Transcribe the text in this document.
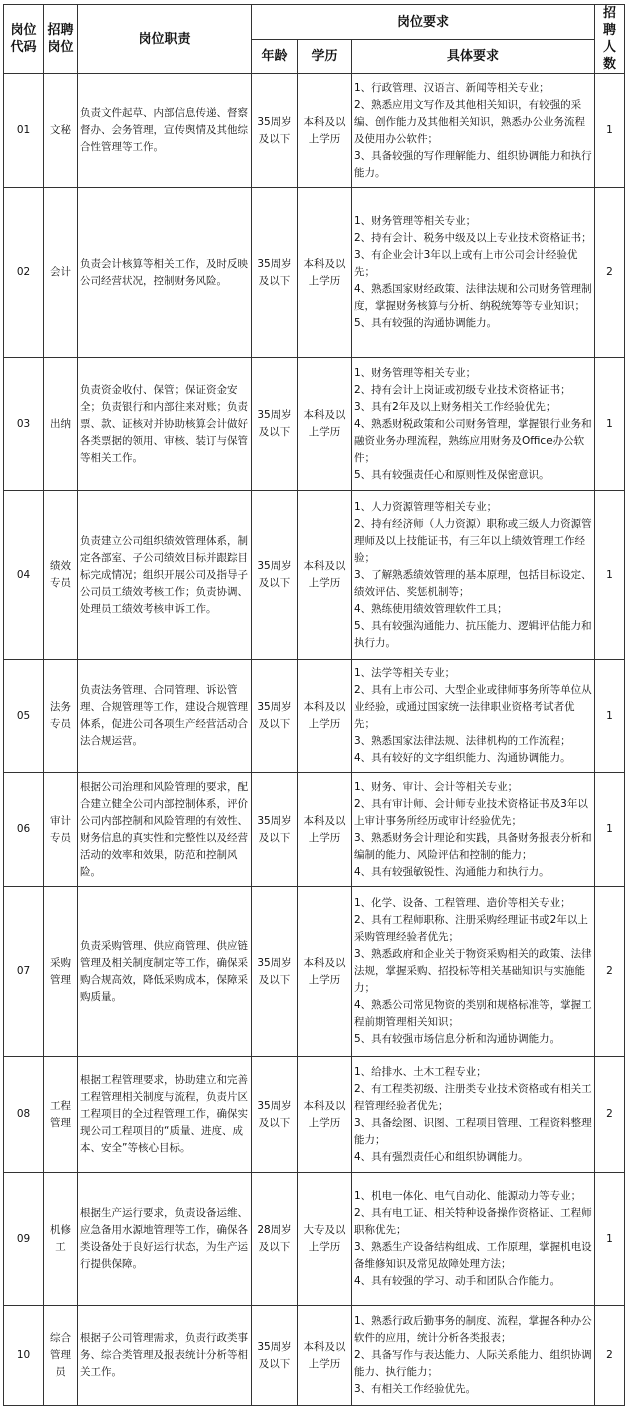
岗位代码	招聘岗位	岗位职责	岗位要求			招聘人数
			年龄	学历	具体要求	
01	文秘	负责文件起草、内部信息传递、督察督办、会务管理，宣传舆情及其他综合性管理等工作。	35周岁及以下	本科及以上学历	1、行政管理、汉语言、新闻等相关专业；
2、熟悉应用文写作及其他相关知识，有较强的采编、创作能力及其他相关知识，熟悉办公业务流程及使用办公软件；
3、具备较强的写作理解能力、组织协调能力和执行能力。	1
02	会计	负责会计核算等相关工作，及时反映公司经营状况，控制财务风险。	35周岁及以下	本科及以上学历	1、财务管理等相关专业；
2、持有会计、税务中级及以上专业技术资格证书；
3、有企业会计3年以上或有上市公司会计经验优先；
4、熟悉国家财经政策、法律法规和公司财务管理制度，掌握财务核算与分析、纳税统筹等专业知识；
5、具有较强的沟通协调能力。	2
03	出纳	负责资金收付、保管；保证资金安全；负责银行和内部往来对账；负责票、款、证核对并协助核算会计做好各类票据的领用、审核、装订与保管等相关工作。	35周岁及以下	本科及以上学历	1、财务管理等相关专业；
2、持有会计上岗证或初级专业技术资格证书；
3、具有2年及以上财务相关工作经验优先；
4、熟悉财税政策和公司财务管理，掌握银行业务和融资业务办理流程，熟练应用财务及Office办公软件；
5、具有较强责任心和原则性及保密意识。	1
04	绩效专员	负责建立公司组织绩效管理体系，制定各部室、子公司绩效目标并跟踪目标完成情况；组织开展公司及指导子公司员工绩效考核工作；负责协调、处理员工绩效考核申诉工作。	35周岁及以下	本科及以上学历	1、人力资源管理等相关专业；
2、持有经济师（人力资源）职称或三级人力资源管理师及以上技能证书，有三年以上绩效管理工作经验；
3、了解熟悉绩效管理的基本原理，包括目标设定、绩效评估、奖惩机制等；
4、熟练使用绩效管理软件工具；
5、具有较强沟通能力、抗压能力、逻辑评估能力和执行力。	1
05	法务专员	负责法务管理、合同管理、诉讼管理、合规管理等工作，建设合规管理体系，促进公司各项生产经营活动合法合规运营。	35周岁及以下	本科及以上学历	1、法学等相关专业；
2、具有上市公司、大型企业或律师事务所等单位从业经验，或通过国家统一法律职业资格考试者优先；
3、熟悉国家法律法规、法律机构的工作流程；
4、具有较好的文字组织能力、沟通协调能力。	1
06	审计专员	根据公司治理和风险管理的要求，配合建立健全公司内部控制体系，评价公司内部控制和风险管理的有效性、财务信息的真实性和完整性以及经营活动的效率和效果，防范和控制风险。	35周岁及以下	本科及以上学历	1、财务、审计、会计等相关专业；
2、具有审计师、会计师专业技术资格证书及3年以上审计事务所经历或审计经验优先；
3、熟悉财务会计理论和实践，具备财务报表分析和编制的能力、风险评估和控制的能力；
4、具有较强敏锐性、沟通能力和执行力。	1
07	采购管理	负责采购管理、供应商管理、供应链管理及相关制度制定等工作，确保采购合规高效，降低采购成本，保障采购质量。	35周岁及以下	本科及以上学历	1、化学、设备、工程管理、造价等相关专业；
2、具有工程师职称、注册采购经理证书或2年以上采购管理经验者优先；
3、熟悉政府和企业关于物资采购相关的政策、法律法规，掌握采购、招投标等相关基础知识与实施能力；
4、熟悉公司常见物资的类别和规格标准等，掌握工程前期管理相关知识；
5、具有较强市场信息分析和沟通协调能力。	2
08	工程管理	根据工程管理要求，协助建立和完善工程管理相关制度与流程，负责片区工程项目的全过程管理工作，确保实现公司工程项目的“质量、进度、成本、安全”等核心目标。	35周岁及以下	本科及以上学历	1、给排水、土木工程专业；
2、有工程类初级、注册类专业技术资格或有相关工程管理经验者优先；
3、具备绘图、识图、工程项目管理、工程资料整理能力；
4、具有强烈责任心和组织协调能力。	2
09	机修工	根据生产运行要求，负责设备运维、应急备用水源地管理等工作，确保各类设备处于良好运行状态，为生产运行提供保障。	28周岁及以下	大专及以上学历	1、机电一体化、电气自动化、能源动力等专业；
2、具有电工证、相关特种设备操作资格证、工程师职称优先；
3、熟悉生产设备结构组成、工作原理，掌握机电设备维修知识及常见故障处理方法；
4、具有较强的学习、动手和团队合作能力。	1
10	综合管理员	根据子公司管理需求，负责行政类事务、综合类管理及报表统计分析等相关工作。	35周岁及以下	本科及以上学历	1、熟悉行政后勤事务的制度、流程，掌握各种办公软件的应用，统计分析各类报表；
2、具备写作与表达能力、人际关系能力、组织协调能力、执行能力；
3、有相关工作经验优先。	2
